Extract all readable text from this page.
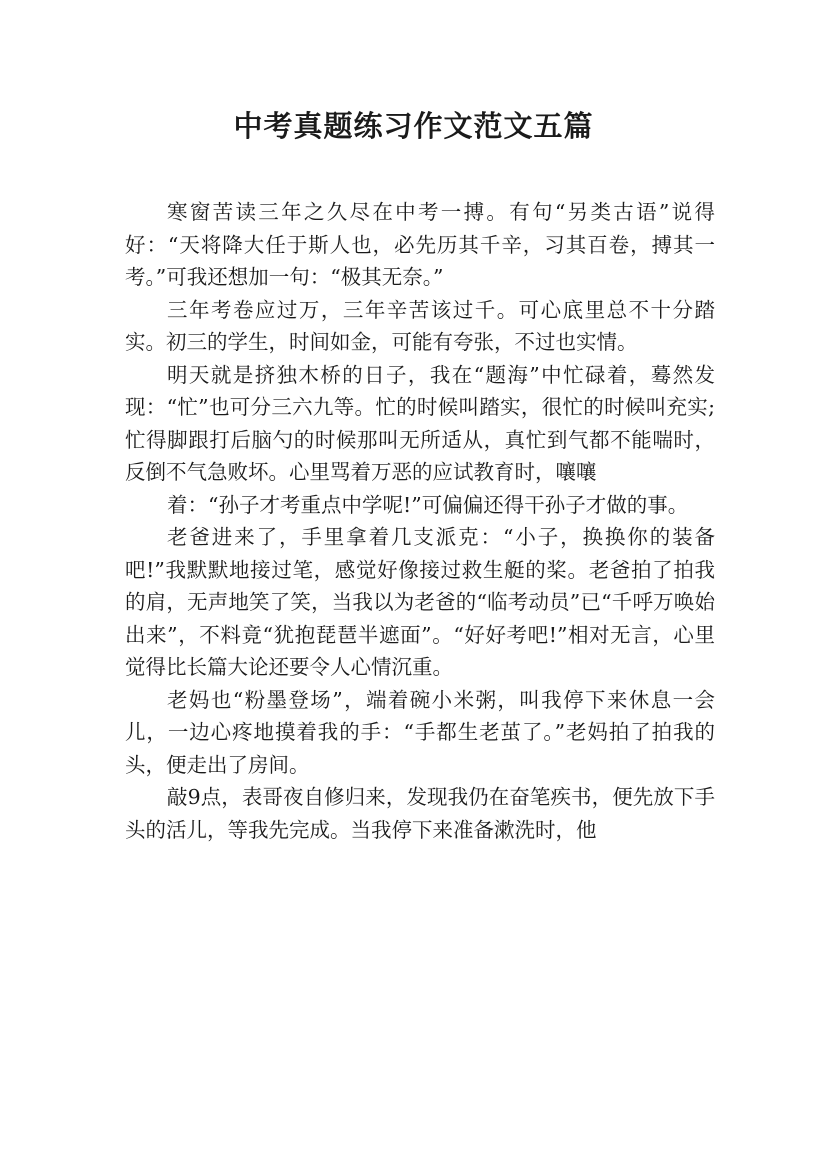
中考真题练习作文范文五篇

寒窗苦读三年之久尽在中考一搏。有句“另类古语”说得好：“天将降大任于斯人也，必先历其千辛，习其百卷，搏其一考。”可我还想加一句：“极其无奈。”

三年考卷应过万，三年辛苦该过千。可心底里总不十分踏实。初三的学生，时间如金，可能有夸张，不过也实情。

明天就是挤独木桥的日子，我在“题海”中忙碌着，蓦然发现：“忙”也可分三六九等。忙的时候叫踏实，很忙的时候叫充实;忙得脚跟打后脑勺的时候那叫无所适从，真忙到气都不能喘时，反倒不气急败坏。心里骂着万恶的应试教育时，嚷嚷

着：“孙子才考重点中学呢!”可偏偏还得干孙子才做的事。

老爸进来了，手里拿着几支派克：“小子，换换你的装备吧!”我默默地接过笔，感觉好像接过救生艇的桨。老爸拍了拍我的肩，无声地笑了笑，当我以为老爸的“临考动员”已“千呼万唤始出来”，不料竟“犹抱琵琶半遮面”。“好好考吧!”相对无言，心里觉得比长篇大论还要令人心情沉重。

老妈也“粉墨登场”，端着碗小米粥，叫我停下来休息一会儿，一边心疼地摸着我的手：“手都生老茧了。”老妈拍了拍我的头，便走出了房间。

敲9点，表哥夜自修归来，发现我仍在奋笔疾书，便先放下手头的活儿，等我先完成。当我停下来准备漱洗时，他
